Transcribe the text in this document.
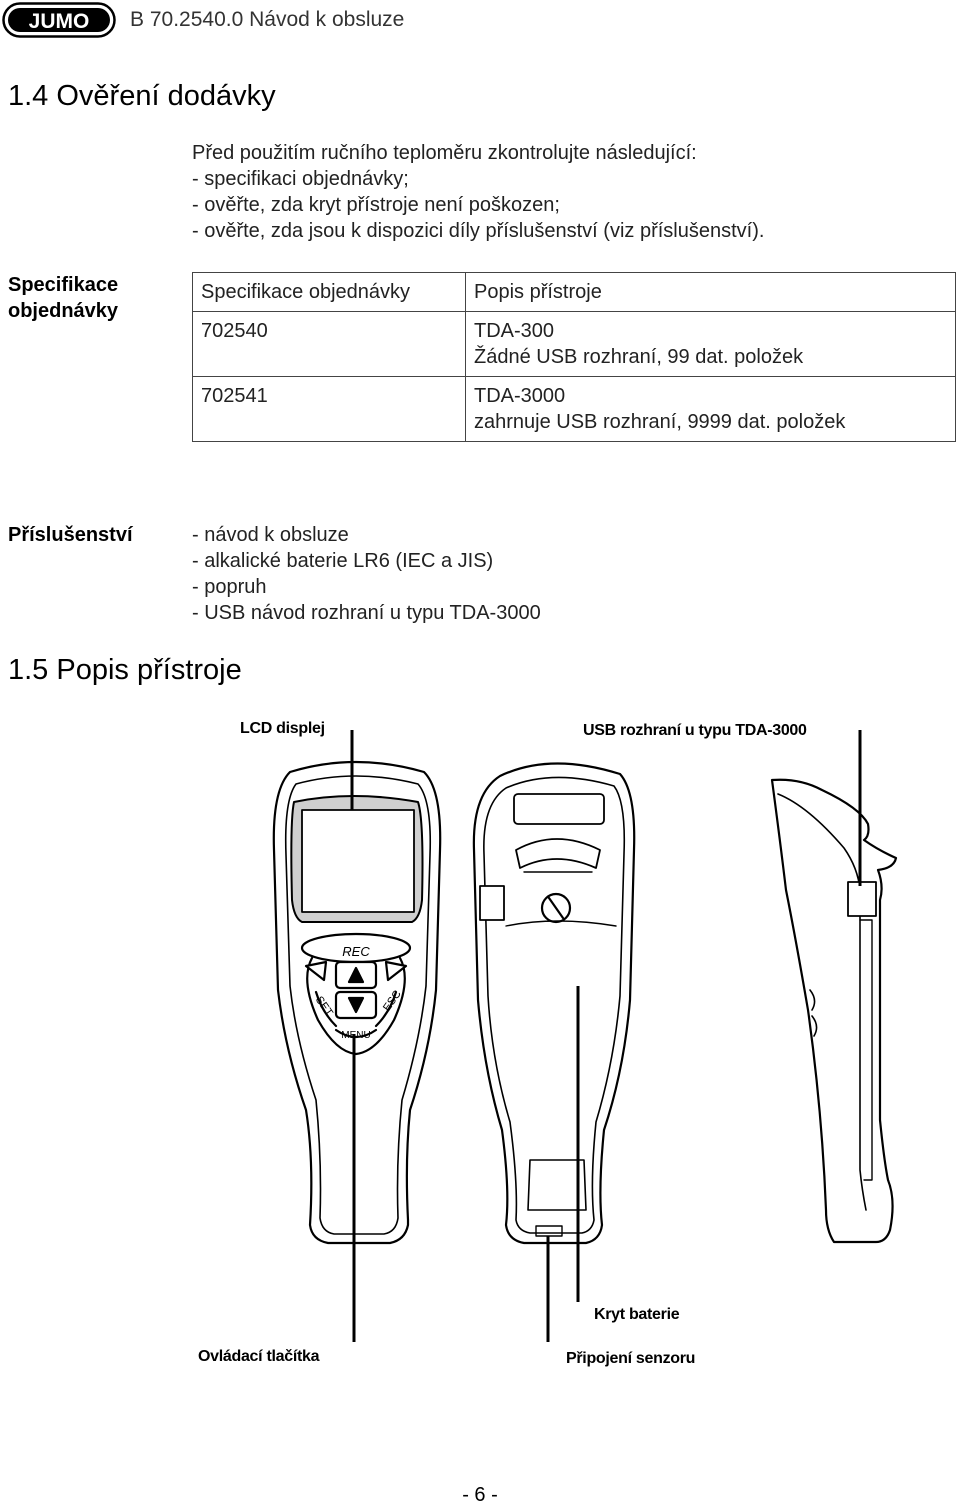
JUMO B 70.2540.0 Návod k obsluze
1.4 Ověření dodávky
Před použitím ručního teploměru zkontrolujte následující:
- specifikaci objednávky;
- ověřte, zda kryt přístroje není poškozen;
- ověřte, zda jsou k dispozici díly příslušenství (viz příslušenství).
Specifikace
objednávky
Specifikace objednávky	Popis přístroje
702540	TDA-300
Žádné USB rozhraní, 99 dat. položek

702541	TDA-3000
zahrnuje USB rozhraní, 9999 dat. položek
Příslušenství	- návod k obsluze
- alkalické baterie LR6 (IEC a JIS)
- popruh
- USB návod rozhraní u typu TDA-3000
1.5 Popis přístroje
LCD displej	USB rozhraní u typu TDA-3000
Kryt baterie
Ovládací tlačítka	Připojení senzoru
REC
SET	ESC
MENU
- 6 -
